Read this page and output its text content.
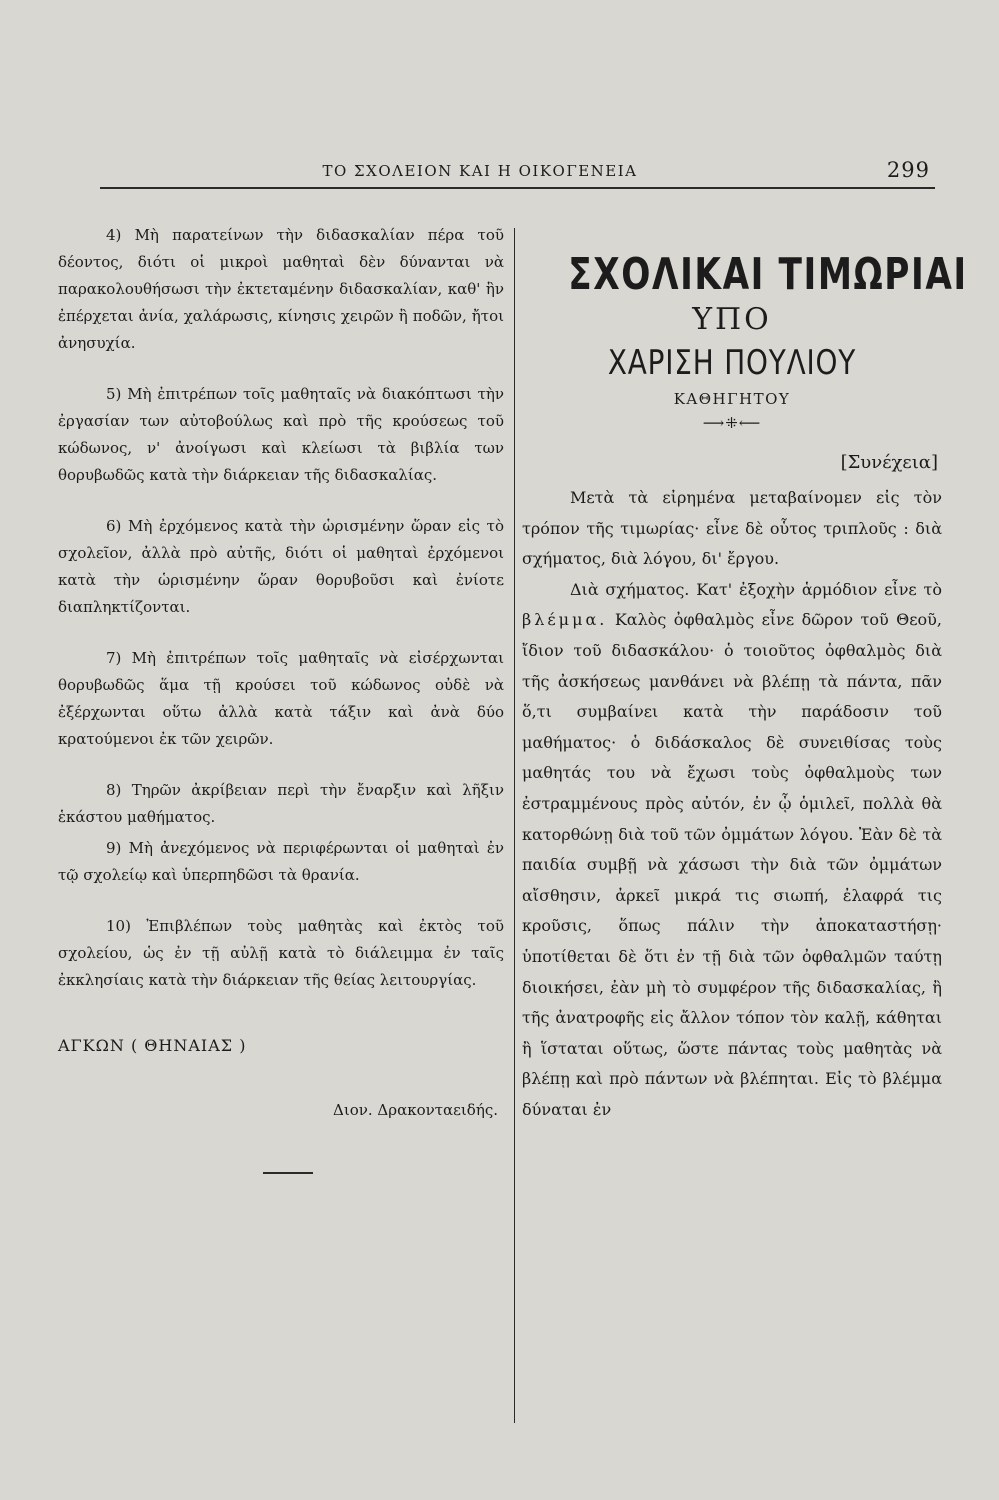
ΤΟ ΣΧΟΛΕΙΟΝ ΚΑΙ Η ΟΙΚΟΓΕΝΕΙΑ	299

4) Μὴ παρατείνων τὴν διδασκαλίαν πέρα τοῦ δέοντος, διότι οἱ μικροὶ μαθηταὶ δὲν δύνανται νὰ παρακολουθήσωσι τὴν ἐκτεταμένην διδασκαλίαν, καθ' ἣν ἐπέρχεται ἀνία, χαλάρωσις, κίνησις χειρῶν ἢ ποδῶν, ἤτοι ἀνησυχία.

5) Μὴ ἐπιτρέπων τοῖς μαθηταῖς νὰ διακόπτωσι τὴν ἐργασίαν των αὐτοβούλως καὶ πρὸ τῆς κρούσεως τοῦ κώδωνος, ν' ἀνοίγωσι καὶ κλείωσι τὰ βιβλία των θορυβωδῶς κατὰ τὴν διάρκειαν τῆς διδασκαλίας.

6) Μὴ ἐρχόμενος κατὰ τὴν ὡρισμένην ὥραν εἰς τὸ σχολεῖον, ἀλλὰ πρὸ αὐτῆς, διότι οἱ μαθηταὶ ἐρχόμενοι κατὰ τὴν ὡρισμένην ὥραν θορυβοῦσι καὶ ἐνίοτε διαπληκτίζονται.

7) Μὴ ἐπιτρέπων τοῖς μαθηταῖς νὰ εἰσέρχωνται θορυβωδῶς ἅμα τῇ κρούσει τοῦ κώδωνος οὐδὲ νὰ ἐξέρχωνται οὕτω ἀλλὰ κατὰ τάξιν καὶ ἀνὰ δύο κρατούμενοι ἐκ τῶν χειρῶν.

8) Τηρῶν ἀκρίβειαν περὶ τὴν ἔναρξιν καὶ λῆξιν ἑκάστου μαθήματος.

9) Μὴ ἀνεχόμενος νὰ περιφέρωνται οἱ μαθηταὶ ἐν τῷ σχολείῳ καὶ ὑπερπηδῶσι τὰ θρανία.

10) Ἐπιβλέπων τοὺς μαθητὰς καὶ ἐκτὸς τοῦ σχολείου, ὡς ἐν τῇ αὐλῇ κατὰ τὸ διάλειμμα ἐν ταῖς ἐκκλησίαις κατὰ τὴν διάρκειαν τῆς θείας λειτουργίας.

ΑΓΚΩΝ ( ΘΗΝΑΙΑΣ )

Διον. Δρακονταειδής.

ΣΧΟΛΙΚΑΙ ΤΙΜΩΡΙΑΙ

ΥΠΟ

ΧΑΡΙΣΗ ΠΟΥΛΙΟΥ

ΚΑΘΗΓΗΤΟΥ

⟶⁜⟵

[Συνέχεια]

Μετὰ τὰ εἰρημένα μεταβαίνομεν εἰς τὸν τρόπον τῆς τιμωρίας· εἶνε δὲ οὗτος τριπλοῦς : διὰ σχήματος, διὰ λόγου, δι' ἔργου.

Διὰ σχήματος. Κατ' ἐξοχὴν ἁρμόδιον εἶνε τὸ βλέμμα. Καλὸς ὀφθαλμὸς εἶνε δῶρον τοῦ Θεοῦ, ἴδιον τοῦ διδασκάλου· ὁ τοιοῦτος ὀφθαλμὸς διὰ τῆς ἀσκήσεως μανθάνει νὰ βλέπῃ τὰ πάντα, πᾶν ὅ,τι συμβαίνει κατὰ τὴν παράδοσιν τοῦ μαθήματος· ὁ διδάσκαλος δὲ συνειθίσας τοὺς μαθητάς του νὰ ἔχωσι τοὺς ὀφθαλμοὺς των ἐστραμμένους πρὸς αὐτόν, ἐν ᾧ ὁμιλεῖ, πολλὰ θὰ κατορθώνῃ διὰ τοῦ τῶν ὀμμάτων λόγου. Ἐὰν δὲ τὰ παιδία συμβῇ νὰ χάσωσι τὴν διὰ τῶν ὀμμάτων αἴσθησιν, ἀρκεῖ μικρά τις σιωπή, ἐλαφρά τις κροῦσις, ὅπως πάλιν τὴν ἀποκαταστήσῃ· ὑποτίθεται δὲ ὅτι ἐν τῇ διὰ τῶν ὀφθαλμῶν ταύτῃ διοικήσει, ἐὰν μὴ τὸ συμφέρον τῆς διδασκαλίας, ἢ τῆς ἀνατροφῆς εἰς ἄλλον τόπον τὸν καλῇ, κάθηται ἢ ἵσταται οὕτως, ὥστε πάντας τοὺς μαθητὰς νὰ βλέπῃ καὶ πρὸ πάντων νὰ βλέπηται. Εἰς τὸ βλέμμα δύναται ἐν
